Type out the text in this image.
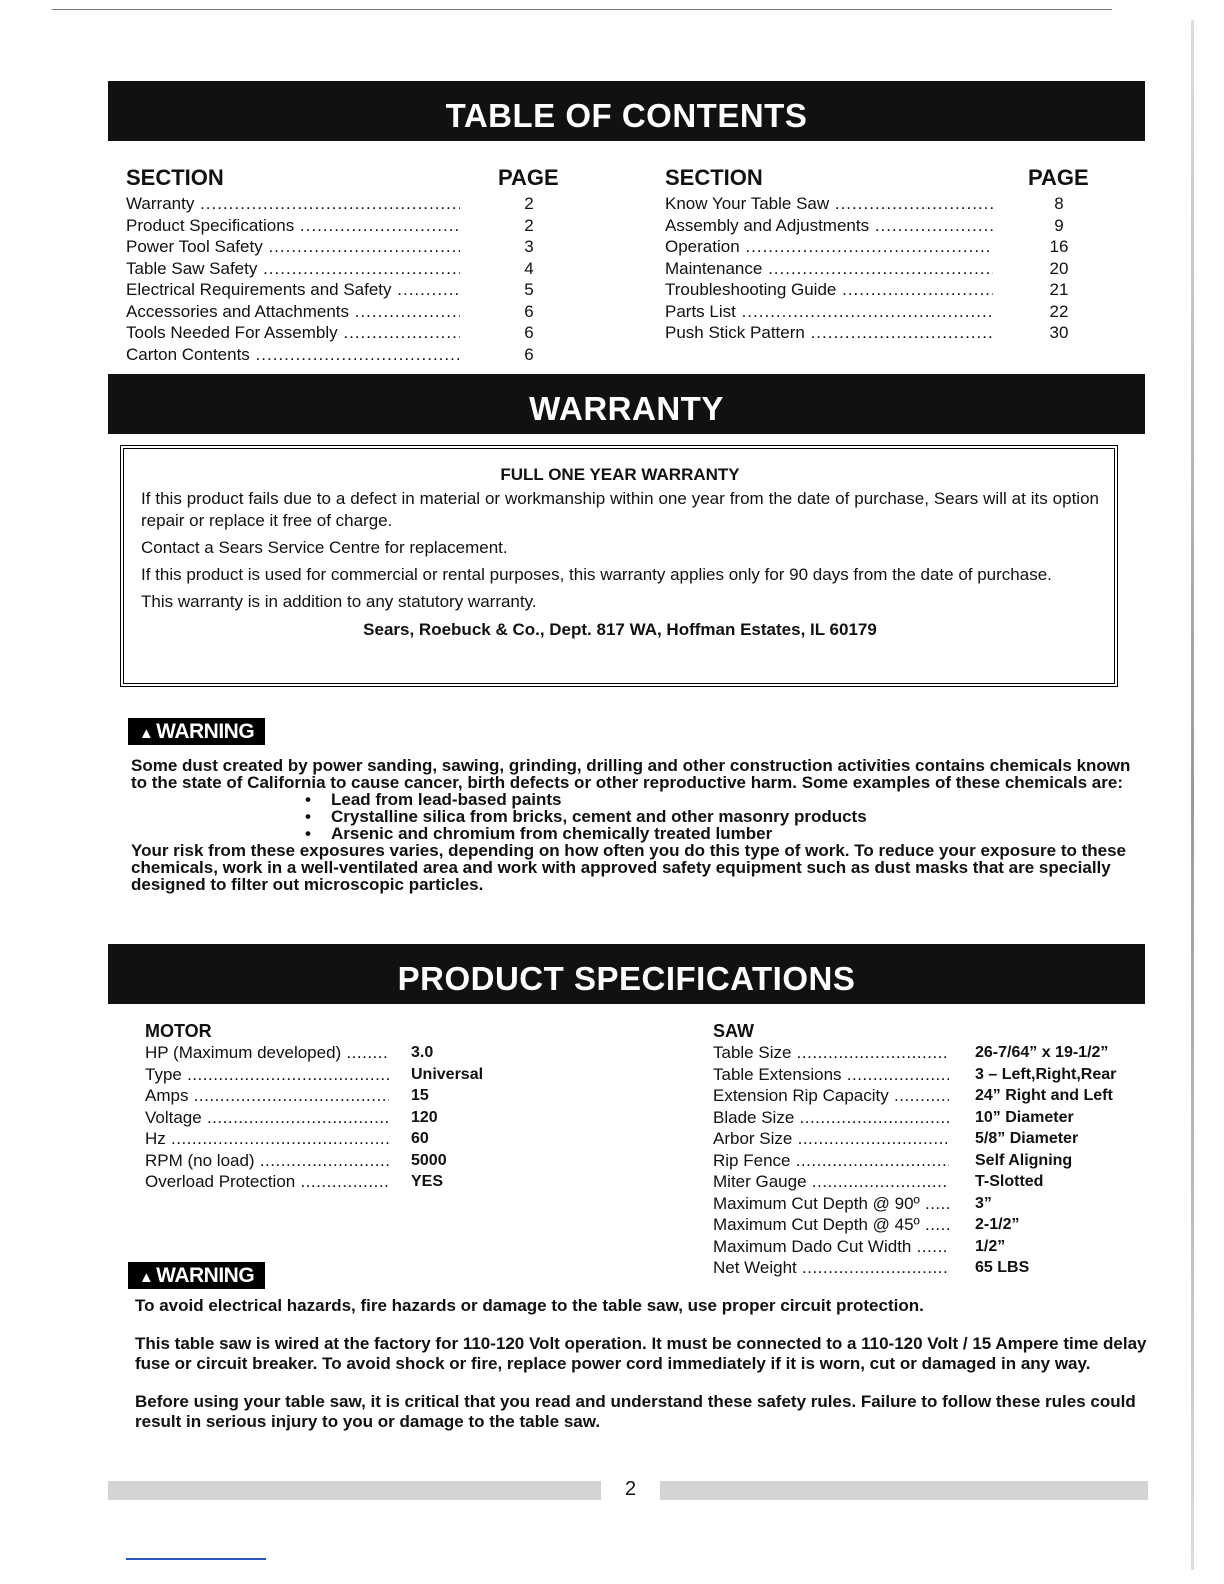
TABLE OF CONTENTS
SECTION	PAGE
Warranty .....	2
Product Specifications .....	2
Power Tool Safety .....	3
Table Saw Safety .....	4
Electrical Requirements and Safety .....	5
Accessories and Attachments .....	6
Tools Needed For Assembly .....	6
Carton Contents .....	6
SECTION	PAGE
Know Your Table Saw .....	8
Assembly and Adjustments .....	9
Operation .....	16
Maintenance .....	20
Troubleshooting Guide .....	21
Parts List .....	22
Push Stick Pattern .....	30
WARRANTY
FULL ONE YEAR WARRANTY

If this product fails due to a defect in material or workmanship within one year from the date of purchase, Sears will at its option repair or replace it free of charge.

Contact a Sears Service Centre for replacement.

If this product is used for commercial or rental purposes, this warranty applies only for 90 days from the date of purchase.

This warranty is in addition to any statutory warranty.

Sears, Roebuck & Co., Dept. 817 WA, Hoffman Estates, IL 60179
▲ WARNING
Some dust created by power sanding, sawing, grinding, drilling and other construction activities contains chemicals known to the state of California to cause cancer, birth defects or other reproductive harm. Some examples of these chemicals are:
• Lead from lead-based paints
• Crystalline silica from bricks, cement and other masonry products
• Arsenic and chromium from chemically treated lumber
Your risk from these exposures varies, depending on how often you do this type of work. To reduce your exposure to these chemicals, work in a well-ventilated area and work with approved safety equipment such as dust masks that are specially designed to filter out microscopic particles.
PRODUCT SPECIFICATIONS
MOTOR
HP (Maximum developed) .....	3.0
Type .....	Universal
Amps .....	15
Voltage .....	120
Hz .....	60
RPM (no load) .....	5000
Overload Protection .....	YES
SAW
Table Size .....	26-7/64” x 19-1/2”
Table Extensions .....	3 – Left,Right,Rear
Extension Rip Capacity .....	24” Right and Left
Blade Size .....	10” Diameter
Arbor Size .....	5/8” Diameter
Rip Fence .....	Self Aligning
Miter Gauge .....	T-Slotted
Maximum Cut Depth @ 90º .....	3”
Maximum Cut Depth @ 45º .....	2-1/2”
Maximum Dado Cut Width .....	1/2”
Net Weight .....	65 LBS
▲ WARNING

To avoid electrical hazards, fire hazards or damage to the table saw, use proper circuit protection.

This table saw is wired at the factory for 110-120 Volt operation. It must be connected to a 110-120 Volt / 15 Ampere time delay fuse or circuit breaker. To avoid shock or fire, replace power cord immediately if it is worn, cut or damaged in any way.

Before using your table saw, it is critical that you read and understand these safety rules. Failure to follow these rules could result in serious injury to you or damage to the table saw.

2
